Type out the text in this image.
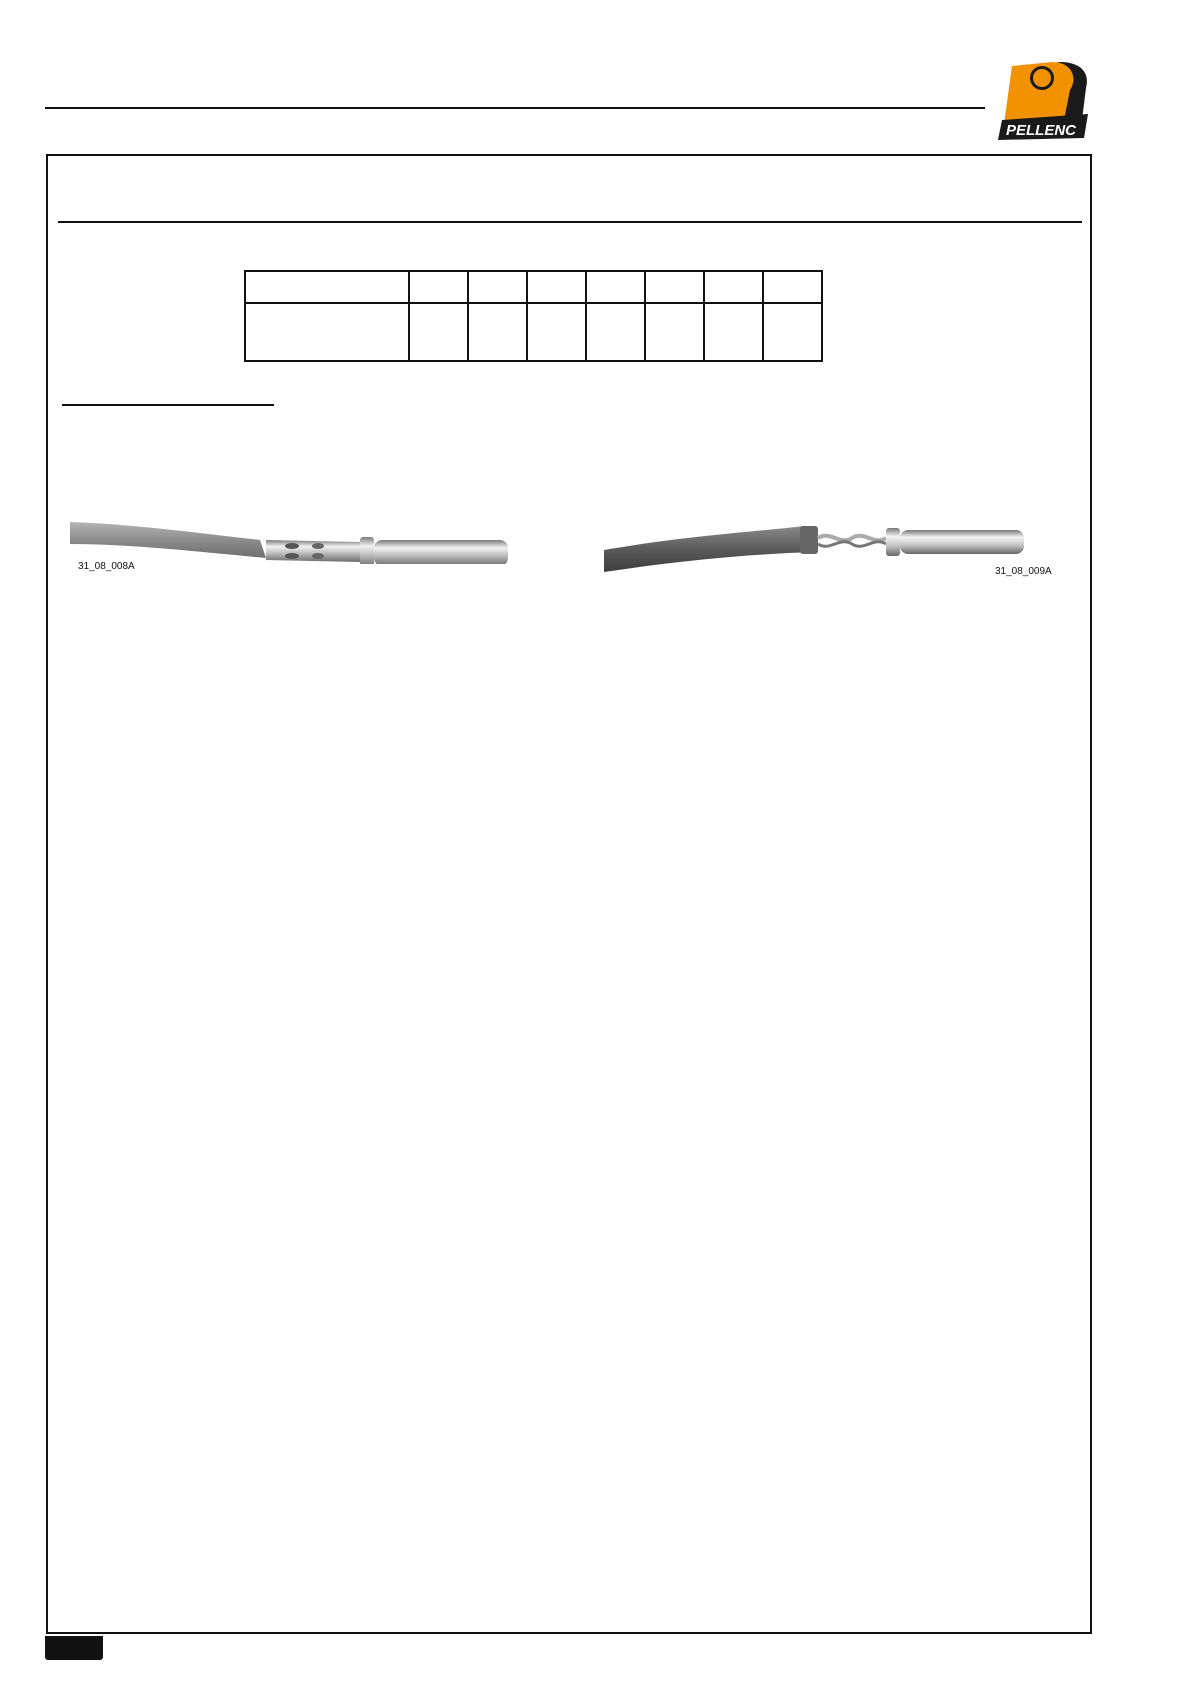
PELLENC

31_08_008A	31_08_009A
